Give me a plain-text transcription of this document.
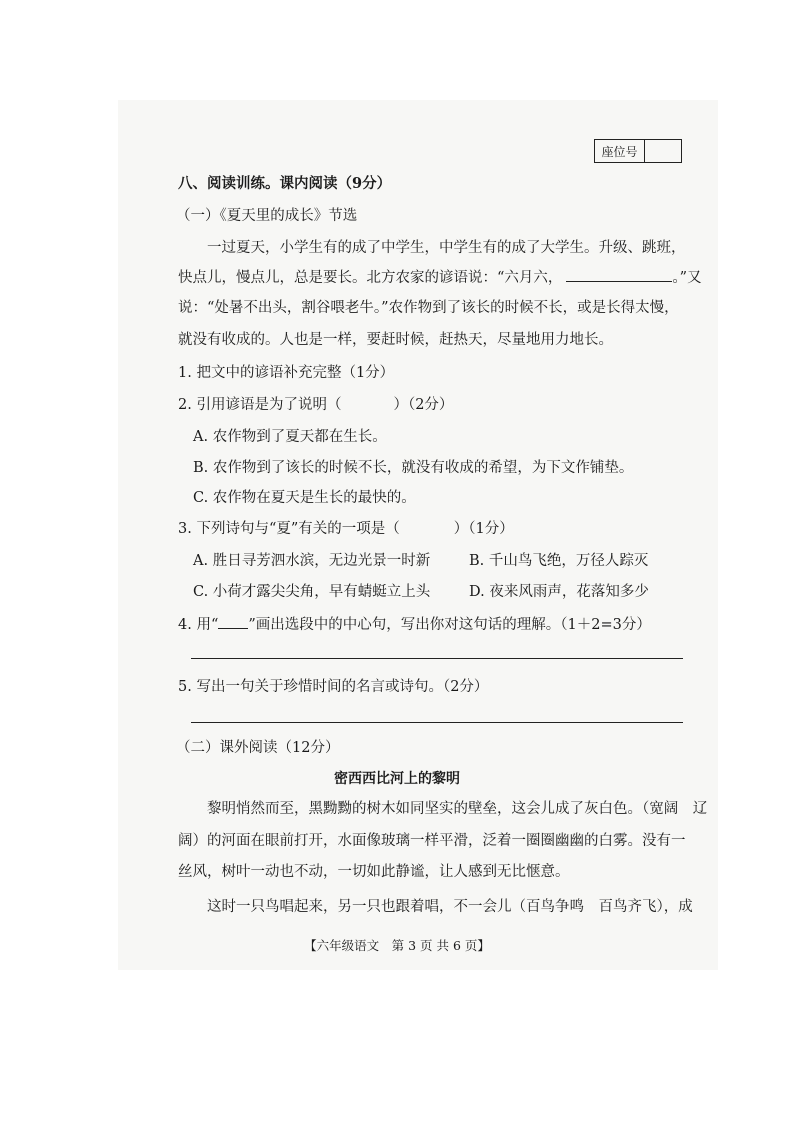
座位号
八、阅读训练。课内阅读（9分）
（一）《夏天里的成长》节选
一过夏天，小学生有的成了中学生，中学生有的成了大学生。升级、跳班，
快点儿，慢点儿，总是要长。北方农家的谚语说：“六月六，	。”又
说：“处暑不出头，割谷喂老牛。”农作物到了该长的时候不长，或是长得太慢，
就没有收成的。人也是一样，要赶时候，赶热天，尽量地用力地长。
1. 把文中的谚语补充完整（1分）
2. 引用谚语是为了说明（	）（2分）
A. 农作物到了夏天都在生长。
B. 农作物到了该长的时候不长，就没有收成的希望，为下文作铺垫。
C. 农作物在夏天是生长的最快的。
3. 下列诗句与“夏”有关的一项是（	）（1分）
A. 胜日寻芳泗水滨，无边光景一时新	B. 千山鸟飞绝，万径人踪灭
C. 小荷才露尖尖角，早有蜻蜓立上头	D. 夜来风雨声，花落知多少
4. 用“ ”画出选段中的中心句，写出你对这句话的理解。（1＋2=3分）
5. 写出一句关于珍惜时间的名言或诗句。（2分）
（二）课外阅读（12分）
密西西比河上的黎明
黎明悄然而至，黑黝黝的树木如同坚实的壁垒，这会儿成了灰白色。（宽阔　辽
阔）的河面在眼前打开，水面像玻璃一样平滑，泛着一圈圈幽幽的白雾。没有一
丝风，树叶一动也不动，一切如此静谧，让人感到无比惬意。
这时一只鸟唱起来，另一只也跟着唱，不一会儿（百鸟争鸣　百鸟齐飞），成
【六年级语文　第 3 页 共 6 页】
